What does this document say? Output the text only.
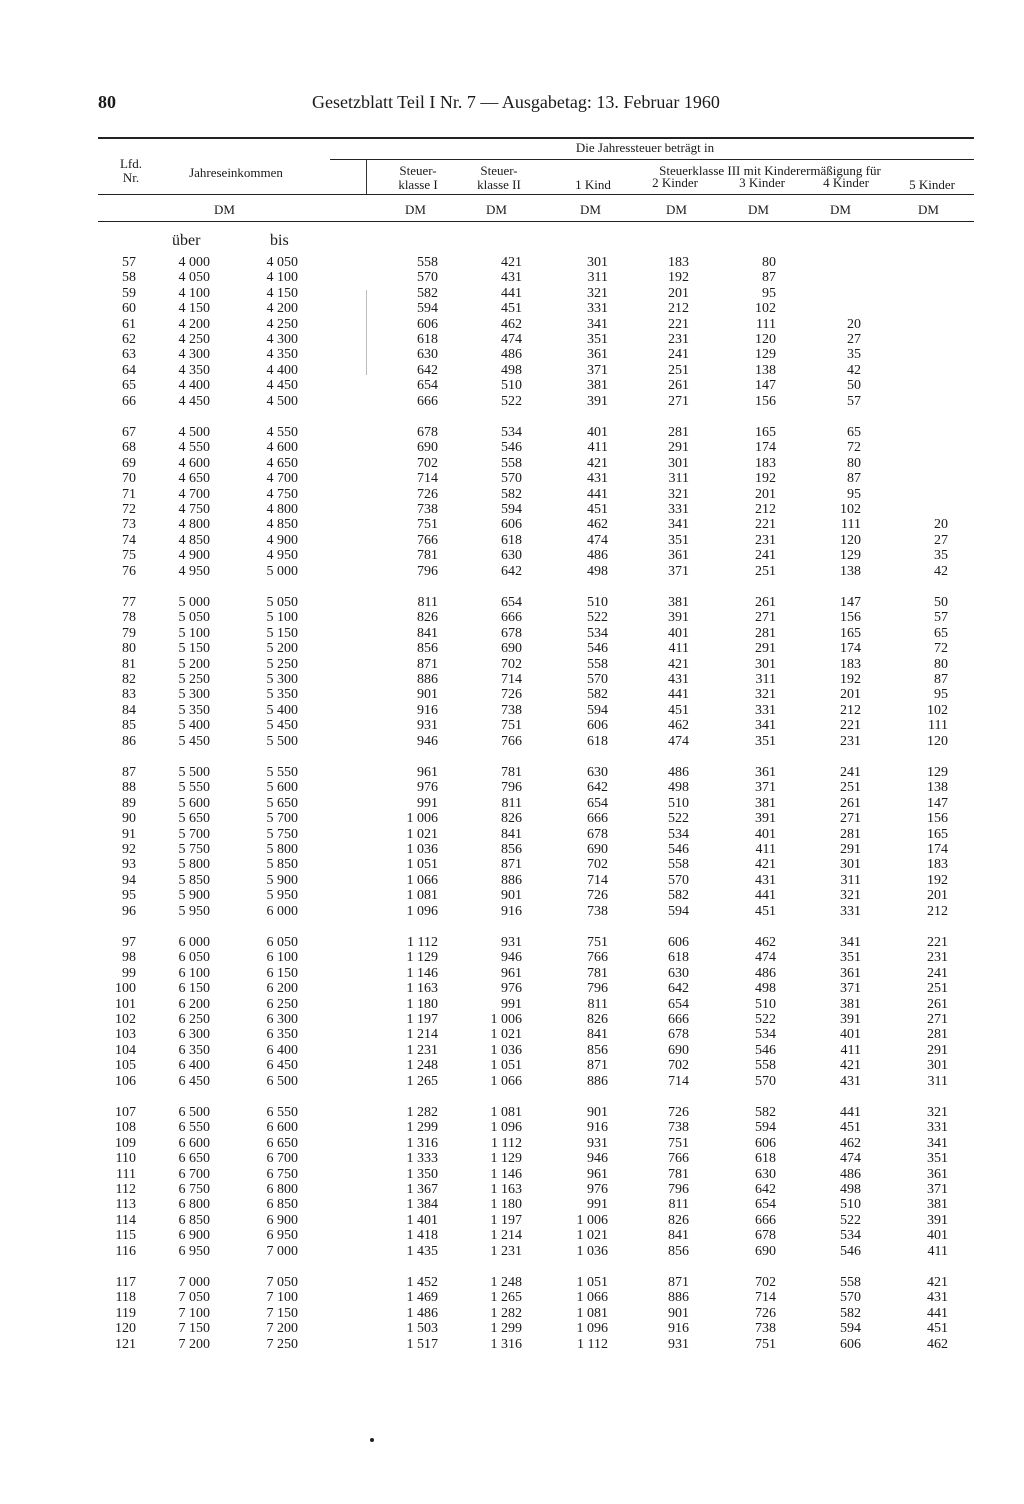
80	Gesetzblatt Teil I Nr. 7 — Ausgabetag: 13. Februar 1960
Lfd.
Nr.	Jahreseinkommen
Die Jahressteuer beträgt in
Steuer-
klasse I
Steuer-
klasse II
Steuerklasse III mit Kinderermäßigung für
1 Kind	2 Kinder	3 Kinder	4 Kinder	5 Kinder
DM	DM	DM	DM	DM	DM	DM	DM
über	bis
57	4 000	4 050	558	421	301	183	80
58	4 050	4 100	570	431	311	192	87
59	4 100	4 150	582	441	321	201	95
60	4 150	4 200	594	451	331	212	102
61	4 200	4 250	606	462	341	221	111	20
62	4 250	4 300	618	474	351	231	120	27
63	4 300	4 350	630	486	361	241	129	35
64	4 350	4 400	642	498	371	251	138	42
65	4 400	4 450	654	510	381	261	147	50
66	4 450	4 500	666	522	391	271	156	57
67	4 500	4 550	678	534	401	281	165	65
68	4 550	4 600	690	546	411	291	174	72
69	4 600	4 650	702	558	421	301	183	80
70	4 650	4 700	714	570	431	311	192	87
71	4 700	4 750	726	582	441	321	201	95
72	4 750	4 800	738	594	451	331	212	102
73	4 800	4 850	751	606	462	341	221	111	20
74	4 850	4 900	766	618	474	351	231	120	27
75	4 900	4 950	781	630	486	361	241	129	35
76	4 950	5 000	796	642	498	371	251	138	42
77	5 000	5 050	811	654	510	381	261	147	50
78	5 050	5 100	826	666	522	391	271	156	57
79	5 100	5 150	841	678	534	401	281	165	65
80	5 150	5 200	856	690	546	411	291	174	72
81	5 200	5 250	871	702	558	421	301	183	80
82	5 250	5 300	886	714	570	431	311	192	87
83	5 300	5 350	901	726	582	441	321	201	95
84	5 350	5 400	916	738	594	451	331	212	102
85	5 400	5 450	931	751	606	462	341	221	111
86	5 450	5 500	946	766	618	474	351	231	120
87	5 500	5 550	961	781	630	486	361	241	129
88	5 550	5 600	976	796	642	498	371	251	138
89	5 600	5 650	991	811	654	510	381	261	147
90	5 650	5 700	1 006	826	666	522	391	271	156
91	5 700	5 750	1 021	841	678	534	401	281	165
92	5 750	5 800	1 036	856	690	546	411	291	174
93	5 800	5 850	1 051	871	702	558	421	301	183
94	5 850	5 900	1 066	886	714	570	431	311	192
95	5 900	5 950	1 081	901	726	582	441	321	201
96	5 950	6 000	1 096	916	738	594	451	331	212
97	6 000	6 050	1 112	931	751	606	462	341	221
98	6 050	6 100	1 129	946	766	618	474	351	231
99	6 100	6 150	1 146	961	781	630	486	361	241
100	6 150	6 200	1 163	976	796	642	498	371	251
101	6 200	6 250	1 180	991	811	654	510	381	261
102	6 250	6 300	1 197	1 006	826	666	522	391	271
103	6 300	6 350	1 214	1 021	841	678	534	401	281
104	6 350	6 400	1 231	1 036	856	690	546	411	291
105	6 400	6 450	1 248	1 051	871	702	558	421	301
106	6 450	6 500	1 265	1 066	886	714	570	431	311
107	6 500	6 550	1 282	1 081	901	726	582	441	321
108	6 550	6 600	1 299	1 096	916	738	594	451	331
109	6 600	6 650	1 316	1 112	931	751	606	462	341
110	6 650	6 700	1 333	1 129	946	766	618	474	351
111	6 700	6 750	1 350	1 146	961	781	630	486	361
112	6 750	6 800	1 367	1 163	976	796	642	498	371
113	6 800	6 850	1 384	1 180	991	811	654	510	381
114	6 850	6 900	1 401	1 197	1 006	826	666	522	391
115	6 900	6 950	1 418	1 214	1 021	841	678	534	401
116	6 950	7 000	1 435	1 231	1 036	856	690	546	411
117	7 000	7 050	1 452	1 248	1 051	871	702	558	421
118	7 050	7 100	1 469	1 265	1 066	886	714	570	431
119	7 100	7 150	1 486	1 282	1 081	901	726	582	441
120	7 150	7 200	1 503	1 299	1 096	916	738	594	451
121	7 200	7 250	1 517	1 316	1 112	931	751	606	462
